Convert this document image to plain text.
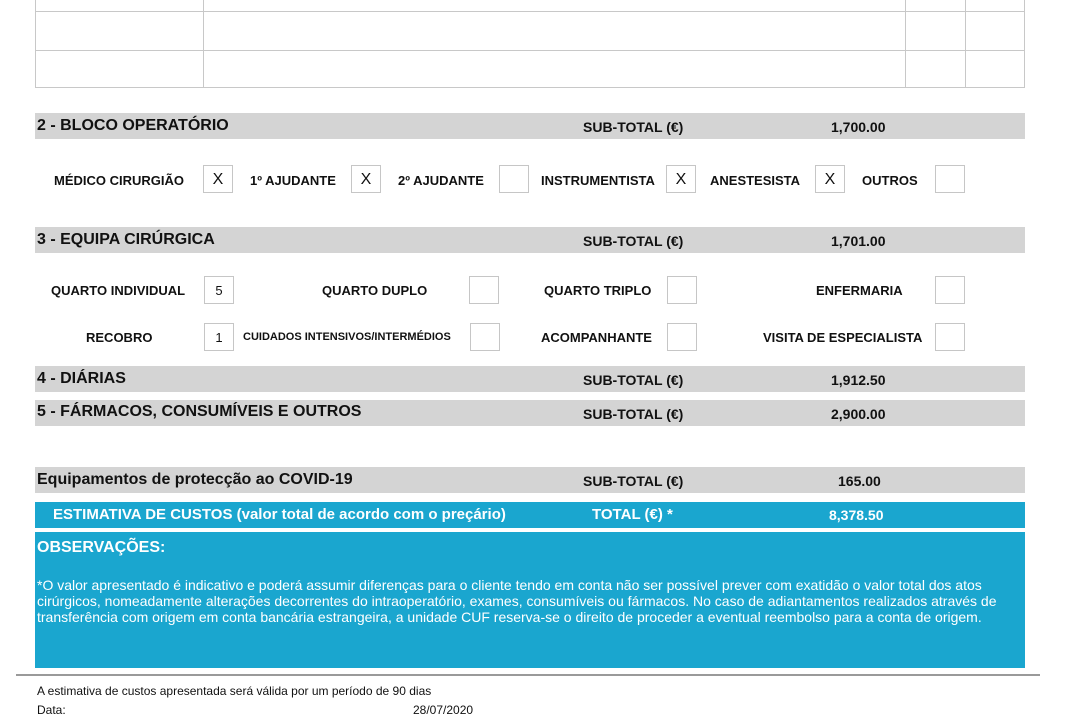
2 - BLOCO OPERATÓRIO	SUB-TOTAL (€)	1,700.00
MÉDICO CIRURGIÃO	X	1º AJUDANTE	X	2º AJUDANTE	INSTRUMENTISTA	X	ANESTESISTA	X	OUTROS
3 - EQUIPA CIRÚRGICA	SUB-TOTAL (€)	1,701.00
QUARTO INDIVIDUAL	5	QUARTO DUPLO	QUARTO TRIPLO	ENFERMARIA
RECOBRO	1	CUIDADOS INTENSIVOS/INTERMÉDIOS	ACOMPANHANTE	VISITA DE ESPECIALISTA
4 - DIÁRIAS	SUB-TOTAL (€)	1,912.50
5 - FÁRMACOS, CONSUMÍVEIS E OUTROS	SUB-TOTAL (€)	2,900.00
Equipamentos de protecção ao COVID-19	SUB-TOTAL (€)	165.00
ESTIMATIVA DE CUSTOS (valor total de acordo com o preçário)	TOTAL (€) *	8,378.50
OBSERVAÇÕES:
*O valor apresentado é indicativo e poderá assumir diferenças para o cliente tendo em conta não ser possível prever com exatidão o valor total dos atos cirúrgicos, nomeadamente alterações decorrentes do intraoperatório, exames, consumíveis ou fármacos. No caso de adiantamentos realizados através de transferência com origem em conta bancária estrangeira, a unidade CUF reserva-se o direito de proceder a eventual reembolso para a conta de origem.
A estimativa de custos apresentada será válida por um período de 90 dias
Data:	28/07/2020
